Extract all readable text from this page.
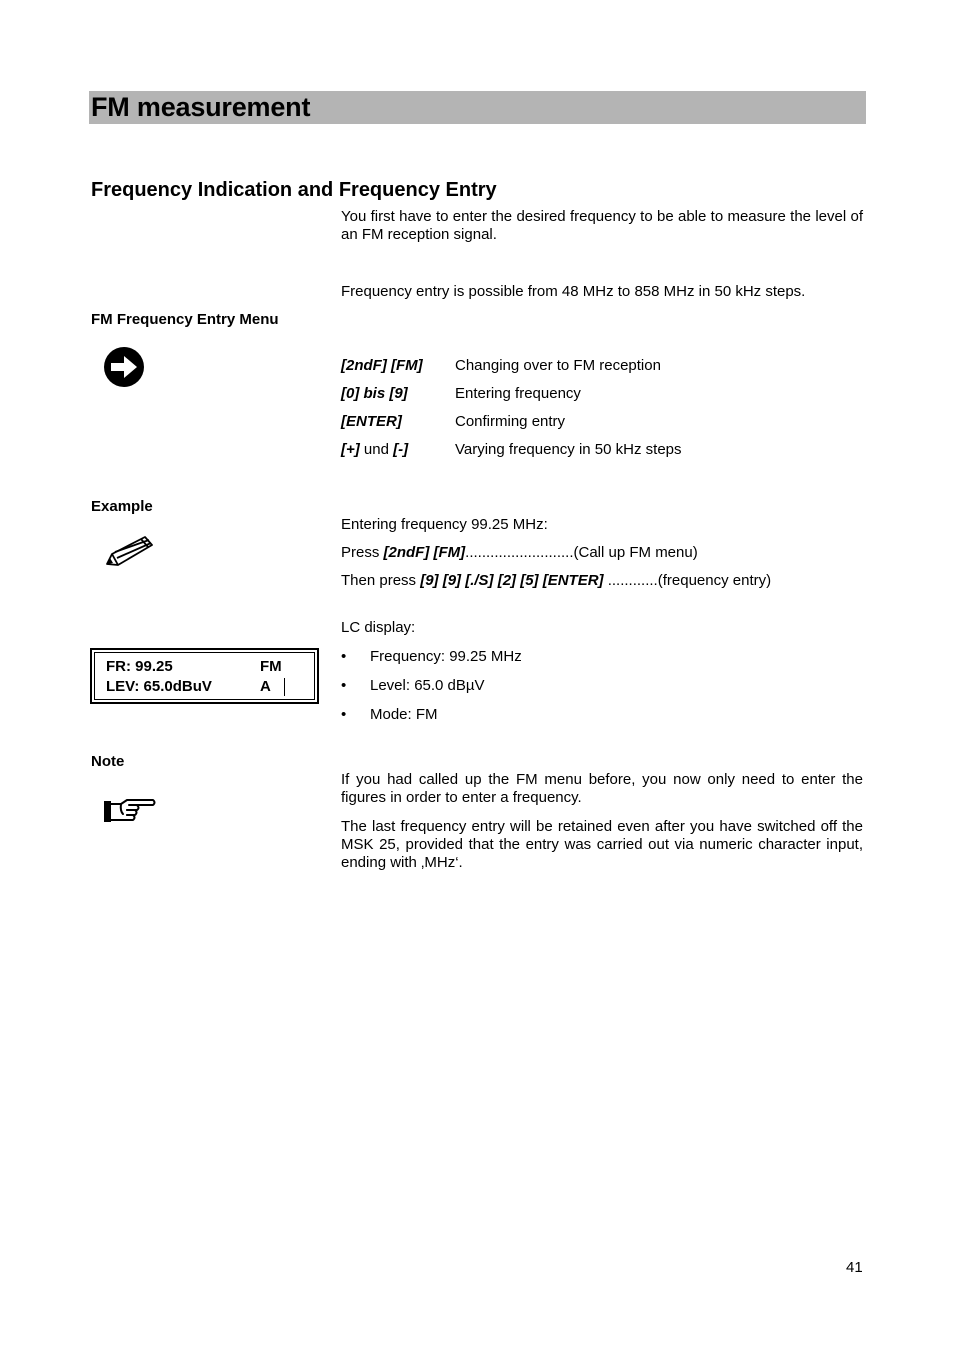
FM measurement
Frequency Indication and Frequency Entry
You first have to enter the desired frequency to be able to measure the level of an FM reception signal.
Frequency entry is possible from 48 MHz to 858 MHz in 50 kHz steps.
FM Frequency Entry Menu
[2ndF] [FM]	Changing over to FM reception
[0] bis [9]	Entering frequency
[ENTER]	Confirming entry
[+] und [-]	Varying frequency in 50 kHz steps
Example
Entering frequency 99.25 MHz:
Press [2ndF] [FM]..........................(Call up FM menu)
Then press [9] [9] [./S] [2] [5] [ENTER] ............(frequency entry)
LC display:
FR: 99.25	FM
LEV: 65.0dBuV	A
• Frequency: 99.25 MHz
• Level: 65.0 dBµV
• Mode: FM
Note
If you had called up the FM menu before, you now only need to enter the figures in order to enter a frequency.
The last frequency entry will be retained even after you have switched off the MSK 25, provided that the entry was carried out via numeric character input, ending with ‚MHz‘.
41
